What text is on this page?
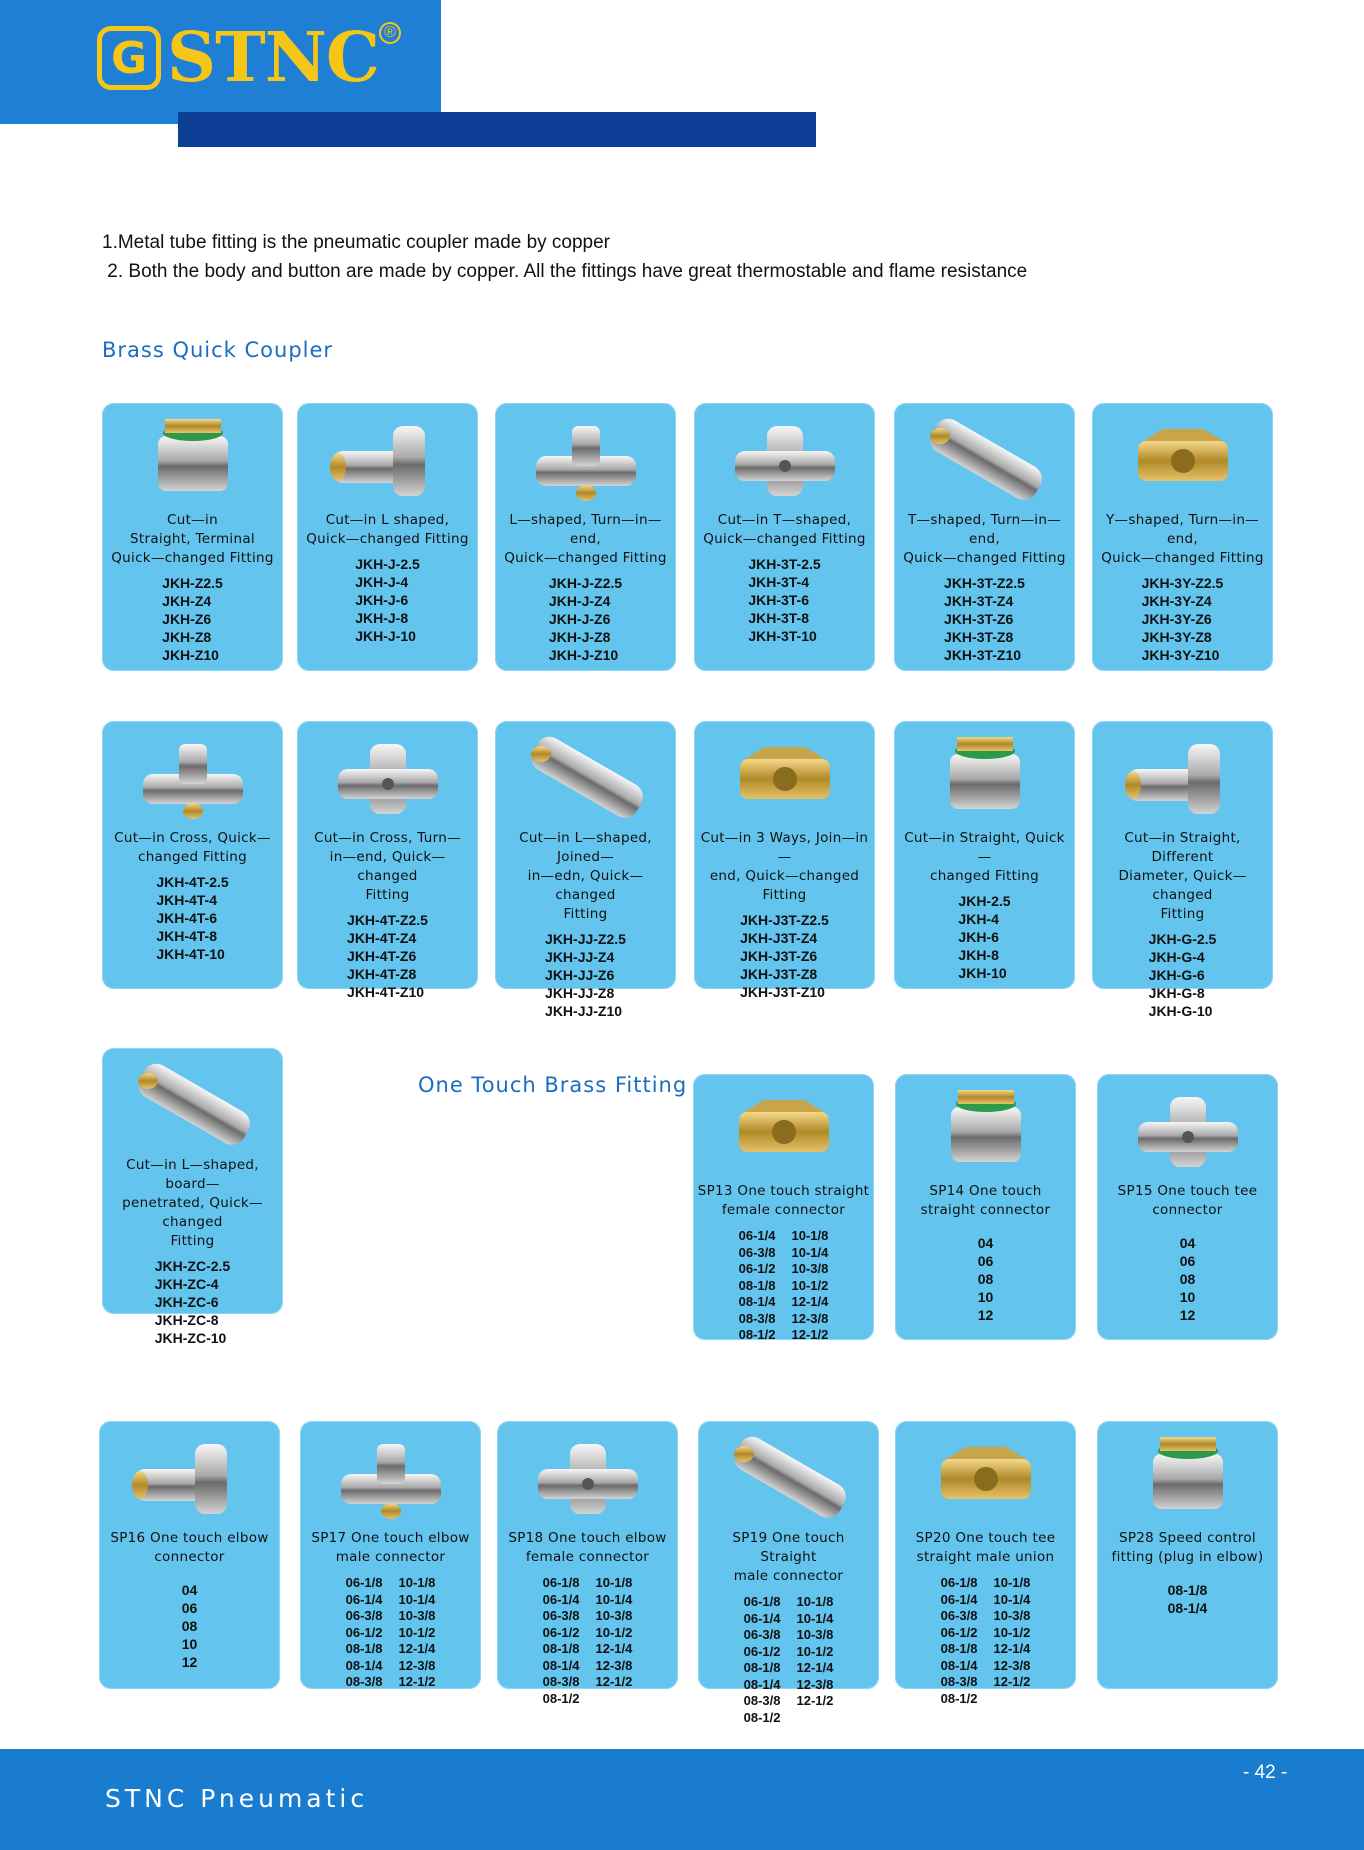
G STNC ®
1.Metal tube fitting is the pneumatic coupler made by copper
2. Both the body and button are made by copper. All the fittings have great thermostable and flame resistance
Brass Quick Coupler
One Touch Brass Fitting
Cut—in
Straight, Terminal
Quick—changed Fitting
JKH-Z2.5
JKH-Z4
JKH-Z6
JKH-Z8
JKH-Z10
Cut—in L shaped,
Quick—changed Fitting
JKH-J-2.5
JKH-J-4
JKH-J-6
JKH-J-8
JKH-J-10
L—shaped, Turn—in—end,
Quick—changed Fitting
JKH-J-Z2.5
JKH-J-Z4
JKH-J-Z6
JKH-J-Z8
JKH-J-Z10
Cut—in T—shaped,
Quick—changed Fitting
JKH-3T-2.5
JKH-3T-4
JKH-3T-6
JKH-3T-8
JKH-3T-10
T—shaped, Turn—in—end,
Quick—changed Fitting
JKH-3T-Z2.5
JKH-3T-Z4
JKH-3T-Z6
JKH-3T-Z8
JKH-3T-Z10
Y—shaped, Turn—in—end,
Quick—changed Fitting
JKH-3Y-Z2.5
JKH-3Y-Z4
JKH-3Y-Z6
JKH-3Y-Z8
JKH-3Y-Z10
Cut—in Cross, Quick—
changed Fitting
JKH-4T-2.5
JKH-4T-4
JKH-4T-6
JKH-4T-8
JKH-4T-10
Cut—in Cross, Turn—
in—end, Quick—changed
Fitting
JKH-4T-Z2.5
JKH-4T-Z4
JKH-4T-Z6
JKH-4T-Z8
JKH-4T-Z10
Cut—in L—shaped, Joined—
in—edn, Quick—changed
Fitting
JKH-JJ-Z2.5
JKH-JJ-Z4
JKH-JJ-Z6
JKH-JJ-Z8
JKH-JJ-Z10
Cut—in 3 Ways, Join—in—
end, Quick—changed Fitting
JKH-J3T-Z2.5
JKH-J3T-Z4
JKH-J3T-Z6
JKH-J3T-Z8
JKH-J3T-Z10
Cut—in Straight, Quick—
changed Fitting
JKH-2.5
JKH-4
JKH-6
JKH-8
JKH-10
Cut—in Straight, Different
Diameter, Quick—changed
Fitting
JKH-G-2.5
JKH-G-4
JKH-G-6
JKH-G-8
JKH-G-10
Cut—in L—shaped, board—
penetrated, Quick—changed
Fitting
JKH-ZC-2.5
JKH-ZC-4
JKH-ZC-6
JKH-ZC-8
JKH-ZC-10
SP13 One touch straight
female connector
06-1/4 10-1/8
06-3/8 10-1/4
06-1/2 10-3/8
08-1/8 10-1/2
08-1/4 12-1/4
08-3/8 12-3/8
08-1/2 12-1/2
SP14 One touch
straight connector
04
06
08
10
12
SP15 One touch tee
connector
04
06
08
10
12
SP16 One touch elbow
connector
04
06
08
10
12
SP17 One touch elbow
male connector
06-1/8 10-1/8
06-1/4 10-1/4
06-3/8 10-3/8
06-1/2 10-1/2
08-1/8 12-1/4
08-1/4 12-3/8
08-3/8 12-1/2
SP18 One touch elbow
female connector
06-1/8 10-1/8
06-1/4 10-1/4
06-3/8 10-3/8
06-1/2 10-1/2
08-1/8 12-1/4
08-1/4 12-3/8
08-3/8 12-1/2
08-1/2
SP19 One touch Straight
male connector
06-1/8 10-1/8
06-1/4 10-1/4
06-3/8 10-3/8
06-1/2 10-1/2
08-1/8 12-1/4
08-1/4 12-3/8
08-3/8 12-1/2
08-1/2
SP20 One touch tee
straight male union
06-1/8 10-1/8
06-1/4 10-1/4
06-3/8 10-3/8
06-1/2 10-1/2
08-1/8 12-1/4
08-1/4 12-3/8
08-3/8 12-1/2
08-1/2
SP28 Speed control
fitting (plug in elbow)
08-1/8
08-1/4
STNC Pneumatic
- 42 -
